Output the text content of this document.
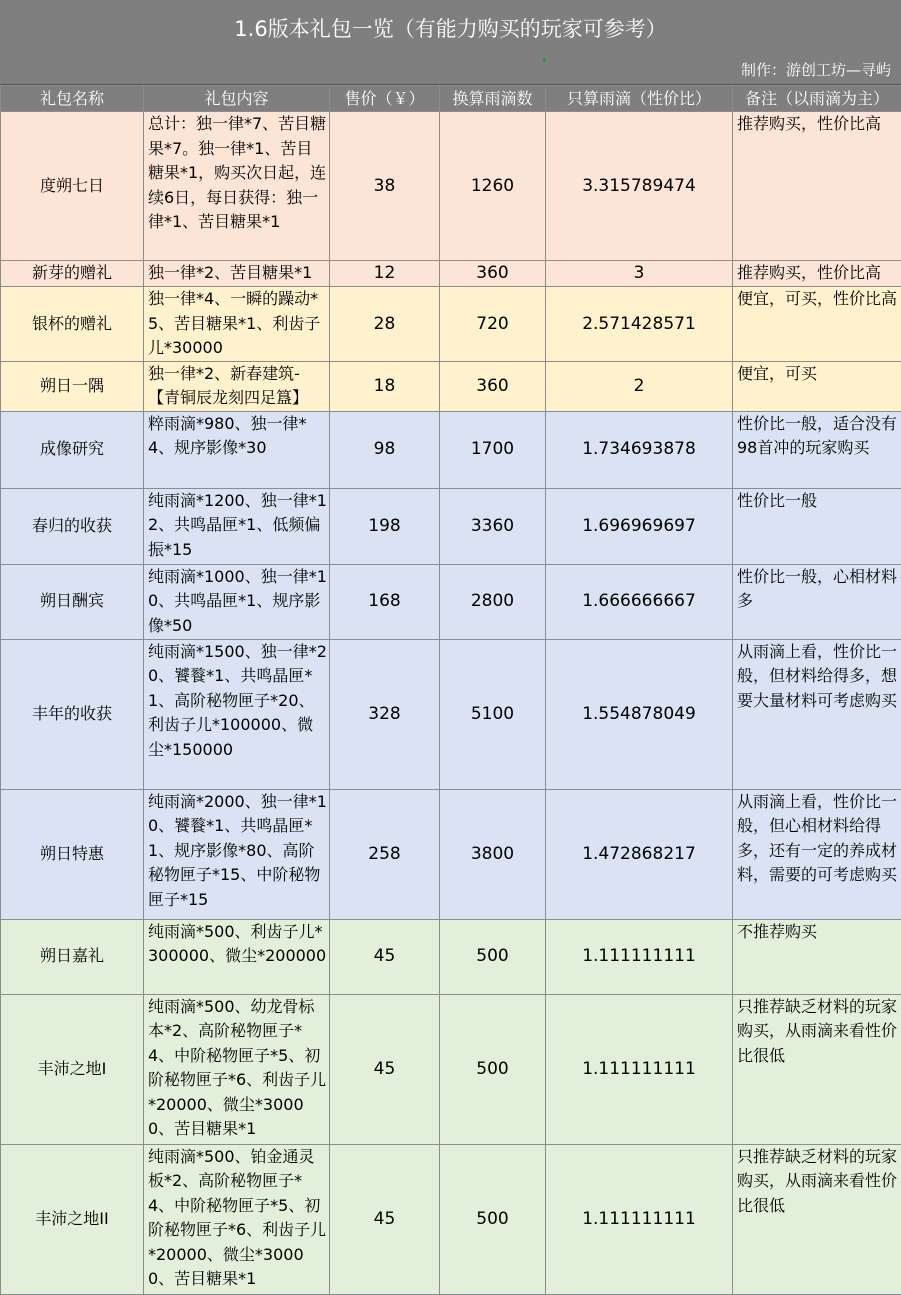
1.6版本礼包一览（有能力购买的玩家可参考）
制作：游创工坊—寻屿
礼包名称	礼包内容	售价（￥）	换算雨滴数	只算雨滴（性价比）	备注（以雨滴为主）
度朔七日	总计：独一律*7、苦目糖果*7。独一律*1、苦目糖果*1，购买次日起，连续6日，每日获得：独一律*1、苦目糖果*1	38	1260	3.315789474	推荐购买，性价比高
新芽的赠礼	独一律*2、苦目糖果*1	12	360	3	推荐购买，性价比高
银杯的赠礼	独一律*4、一瞬的躁动*5、苦目糖果*1、利齿子儿*30000	28	720	2.571428571	便宜，可买，性价比高
朔日一隅	独一律*2、新春建筑-【青铜辰龙刻四足簋】	18	360	2	便宜，可买
成像研究	粹雨滴*980、独一律*4、规序影像*30	98	1700	1.734693878	性价比一般，适合没有98首冲的玩家购买
春归的收获	纯雨滴*1200、独一律*12、共鸣晶匣*1、低频偏振*15	198	3360	1.696969697	性价比一般
朔日酬宾	纯雨滴*1000、独一律*10、共鸣晶匣*1、规序影像*50	168	2800	1.666666667	性价比一般，心相材料多
丰年的收获	纯雨滴*1500、独一律*20、饕餮*1、共鸣晶匣*1、高阶秘物匣子*20、利齿子儿*100000、微尘*150000	328	5100	1.554878049	从雨滴上看，性价比一般，但材料给得多，想要大量材料可考虑购买
朔日特惠	纯雨滴*2000、独一律*10、饕餮*1、共鸣晶匣*1、规序影像*80、高阶秘物匣子*15、中阶秘物匣子*15	258	3800	1.472868217	从雨滴上看，性价比一般，但心相材料给得多，还有一定的养成材料，需要的可考虑购买
朔日嘉礼	纯雨滴*500、利齿子儿*300000、微尘*200000	45	500	1.111111111	不推荐购买
丰沛之地I	纯雨滴*500、幼龙骨标本*2、高阶秘物匣子*4、中阶秘物匣子*5、初阶秘物匣子*6、利齿子儿*20000、微尘*30000、苦目糖果*1	45	500	1.111111111	只推荐缺乏材料的玩家购买，从雨滴来看性价比很低
丰沛之地II	纯雨滴*500、铂金通灵板*2、高阶秘物匣子*4、中阶秘物匣子*5、初阶秘物匣子*6、利齿子儿*20000、微尘*30000、苦目糖果*1	45	500	1.111111111	只推荐缺乏材料的玩家购买，从雨滴来看性价比很低
